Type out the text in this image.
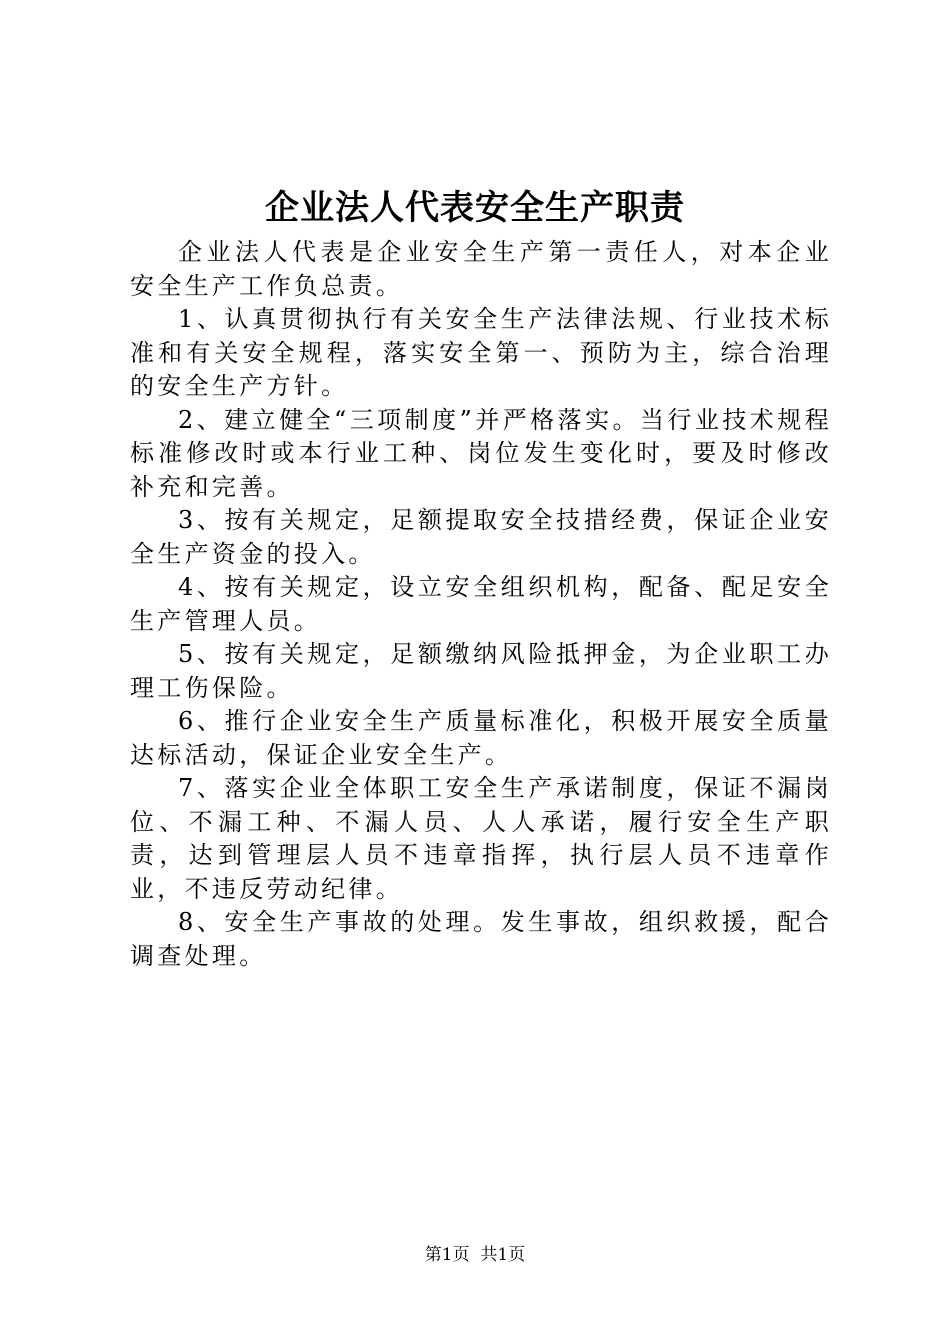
企业法人代表安全生产职责

企业法人代表是企业安全生产第一责任人，对本企业安全生产工作负总责。

1、认真贯彻执行有关安全生产法律法规、行业技术标准和有关安全规程，落实安全第一、预防为主，综合治理的安全生产方针。

2、建立健全“三项制度”并严格落实。当行业技术规程标准修改时或本行业工种、岗位发生变化时，要及时修改补充和完善。

3、按有关规定，足额提取安全技措经费，保证企业安全生产资金的投入。

4、按有关规定，设立安全组织机构，配备、配足安全生产管理人员。

5、按有关规定，足额缴纳风险抵押金，为企业职工办理工伤保险。

6、推行企业安全生产质量标准化，积极开展安全质量达标活动，保证企业安全生产。

7、落实企业全体职工安全生产承诺制度，保证不漏岗位、不漏工种、不漏人员、人人承诺，履行安全生产职责，达到管理层人员不违章指挥，执行层人员不违章作业，不违反劳动纪律。

8、安全生产事故的处理。发生事故，组织救援，配合调查处理。

第1页  共1页
